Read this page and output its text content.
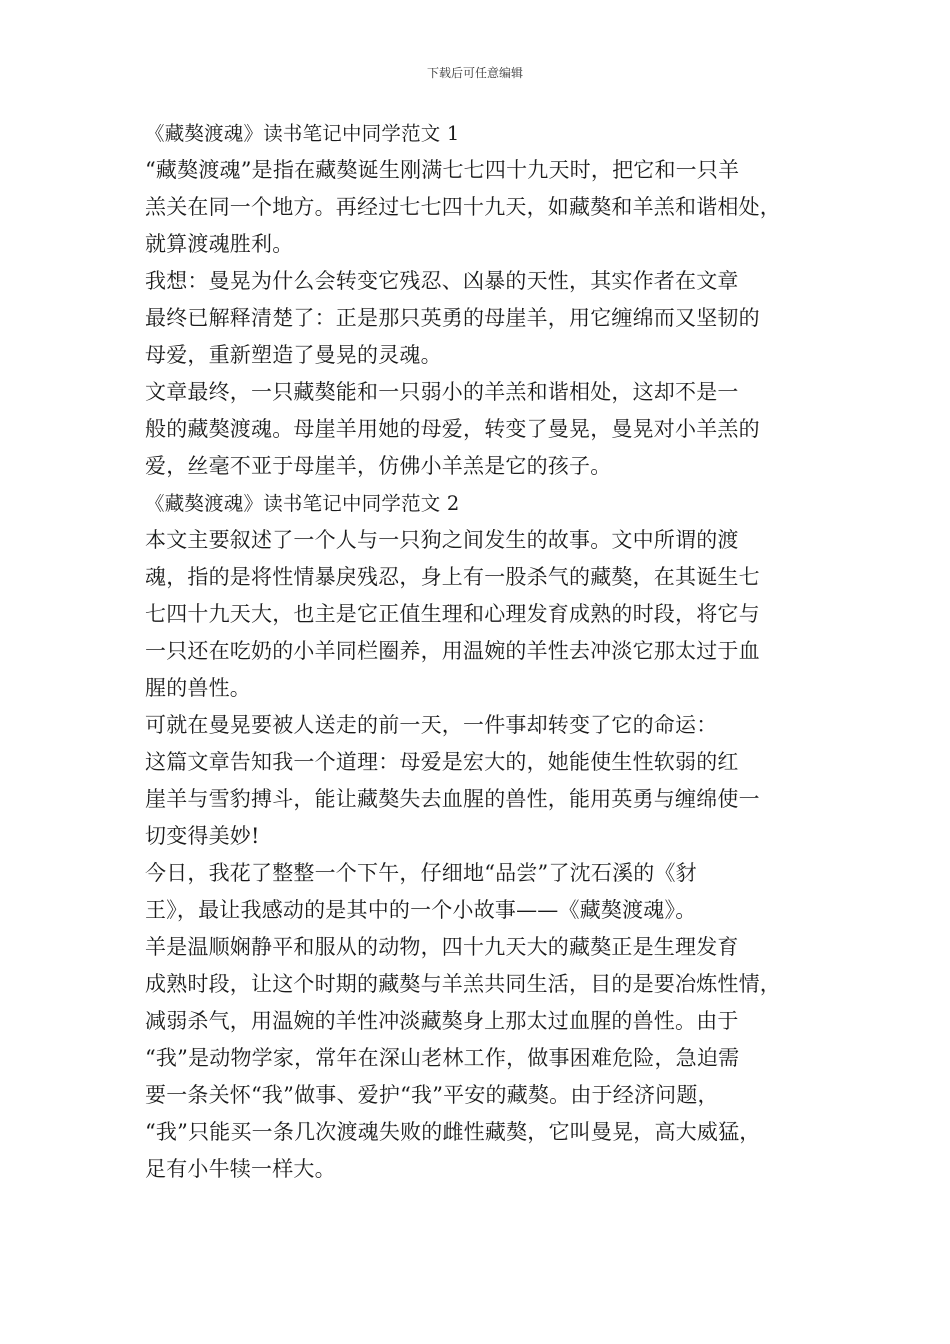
下载后可任意编辑
《藏獒渡魂》读书笔记中同学范文 1
“藏獒渡魂”是指在藏獒诞生刚满七七四十九天时，把它和一只羊
羔关在同一个地方。再经过七七四十九天，如藏獒和羊羔和谐相处，
就算渡魂胜利。
我想：曼晃为什么会转变它残忍、凶暴的天性，其实作者在文章
最终已解释清楚了：正是那只英勇的母崖羊，用它缠绵而又坚韧的
母爱，重新塑造了曼晃的灵魂。
文章最终，一只藏獒能和一只弱小的羊羔和谐相处，这却不是一
般的藏獒渡魂。母崖羊用她的母爱，转变了曼晃，曼晃对小羊羔的
爱，丝毫不亚于母崖羊，仿佛小羊羔是它的孩子。
《藏獒渡魂》读书笔记中同学范文 2
本文主要叙述了一个人与一只狗之间发生的故事。文中所谓的渡
魂，指的是将性情暴戾残忍，身上有一股杀气的藏獒，在其诞生七
七四十九天大，也主是它正值生理和心理发育成熟的时段，将它与
一只还在吃奶的小羊同栏圈养，用温婉的羊性去冲淡它那太过于血
腥的兽性。
可就在曼晃要被人送走的前一天，一件事却转变了它的命运：
这篇文章告知我一个道理：母爱是宏大的，她能使生性软弱的红
崖羊与雪豹搏斗，能让藏獒失去血腥的兽性，能用英勇与缠绵使一
切变得美妙!
今日，我花了整整一个下午，仔细地“品尝”了沈石溪的《豺
王》，最让我感动的是其中的一个小故事——《藏獒渡魂》。
羊是温顺娴静平和服从的动物，四十九天大的藏獒正是生理发育
成熟时段，让这个时期的藏獒与羊羔共同生活，目的是要冶炼性情，
减弱杀气，用温婉的羊性冲淡藏獒身上那太过血腥的兽性。由于
“我”是动物学家，常年在深山老林工作，做事困难危险，急迫需
要一条关怀“我”做事、爱护“我”平安的藏獒。由于经济问题，
“我”只能买一条几次渡魂失败的雌性藏獒，它叫曼晃，高大威猛，
足有小牛犊一样大。
